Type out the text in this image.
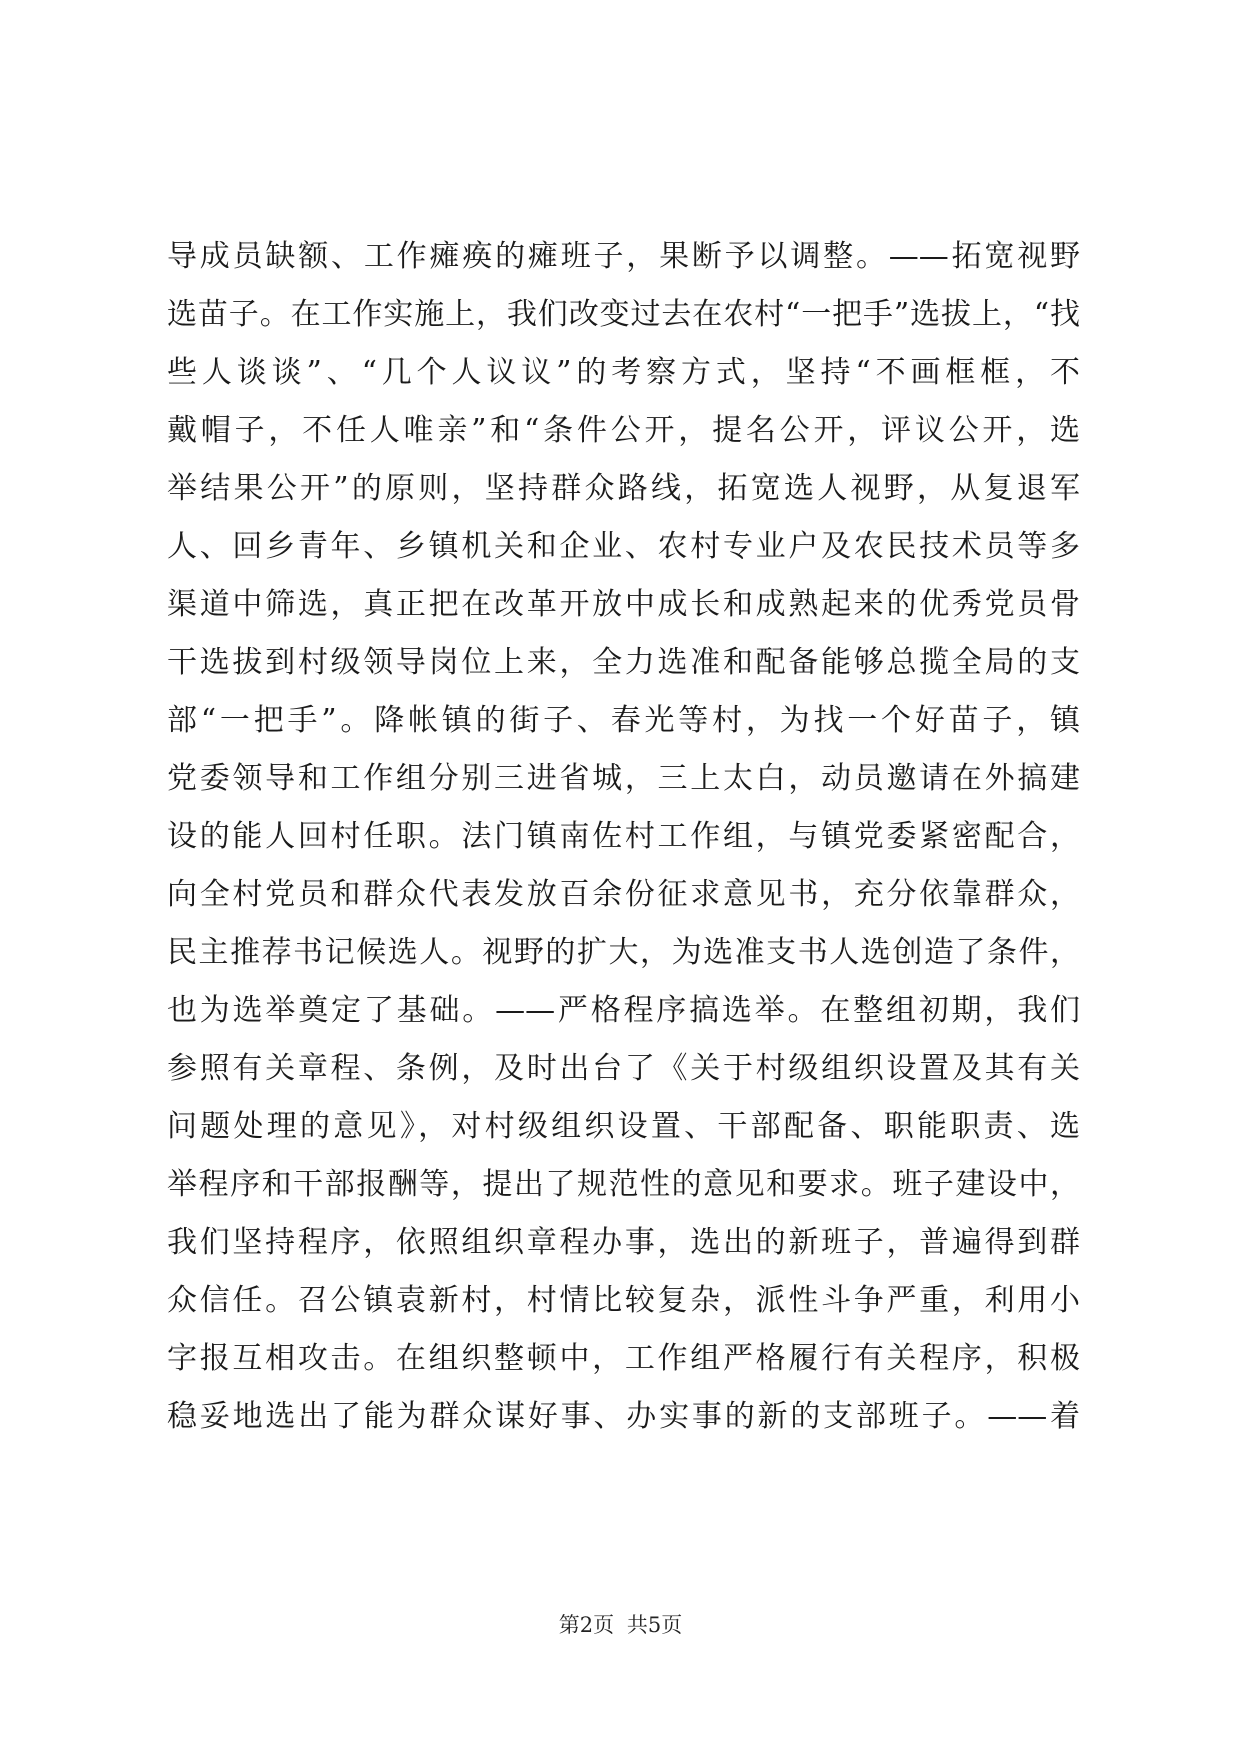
导成员缺额、工作瘫痪的瘫班子，果断予以调整。——拓宽视野
选苗子。在工作实施上，我们改变过去在农村“一把手”选拔上，“找
些人谈谈”、“几个人议议”的考察方式，坚持“不画框框，不
戴帽子，不任人唯亲”和“条件公开，提名公开，评议公开，选
举结果公开”的原则，坚持群众路线，拓宽选人视野，从复退军
人、回乡青年、乡镇机关和企业、农村专业户及农民技术员等多
渠道中筛选，真正把在改革开放中成长和成熟起来的优秀党员骨
干选拔到村级领导岗位上来，全力选准和配备能够总揽全局的支
部“一把手”。降帐镇的街子、春光等村，为找一个好苗子，镇
党委领导和工作组分别三进省城，三上太白，动员邀请在外搞建
设的能人回村任职。法门镇南佐村工作组，与镇党委紧密配合，
向全村党员和群众代表发放百余份征求意见书，充分依靠群众，
民主推荐书记候选人。视野的扩大，为选准支书人选创造了条件，
也为选举奠定了基础。——严格程序搞选举。在整组初期，我们
参照有关章程、条例，及时出台了《关于村级组织设置及其有关
问题处理的意见》，对村级组织设置、干部配备、职能职责、选
举程序和干部报酬等，提出了规范性的意见和要求。班子建设中，
我们坚持程序，依照组织章程办事，选出的新班子，普遍得到群
众信任。召公镇袁新村，村情比较复杂，派性斗争严重，利用小
字报互相攻击。在组织整顿中，工作组严格履行有关程序，积极
稳妥地选出了能为群众谋好事、办实事的新的支部班子。——着
第2页 共5页
